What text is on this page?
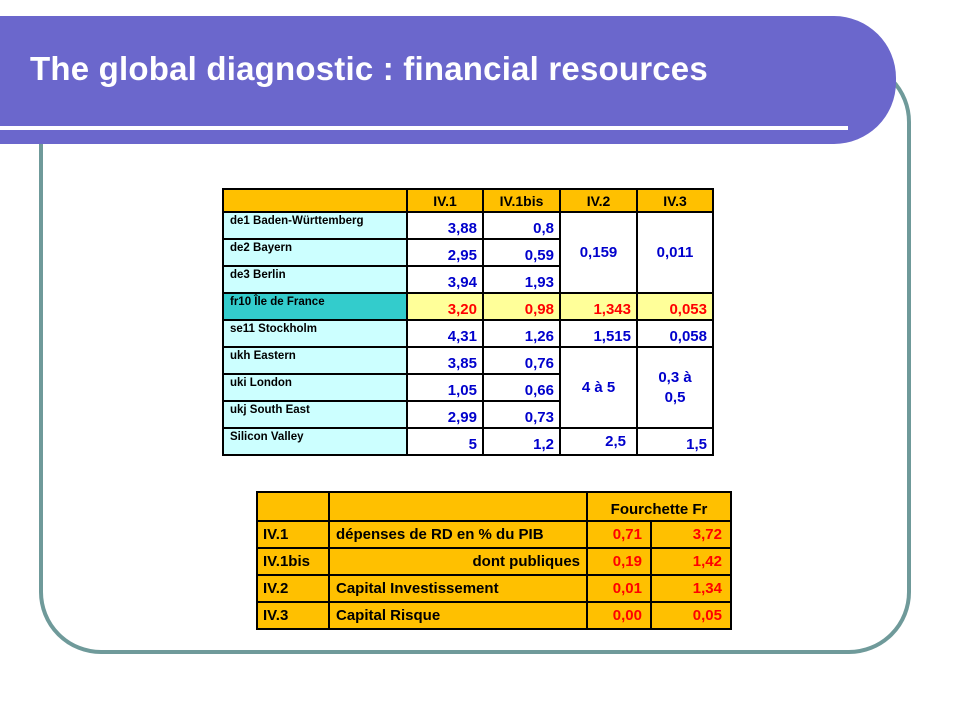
The global diagnostic : financial resources
	IV.1	IV.1bis	IV.2	IV.3
de1 Baden-Württemberg	3,88	0,8	0,159	0,011
de2 Bayern	2,95	0,59		
de3 Berlin	3,94	1,93		
fr10 Île de France	3,20	0,98	1,343	0,053
se11 Stockholm	4,31	1,26	1,515	0,058
ukh Eastern	3,85	0,76	4 à 5	0,3 à
0,5

uki London	1,05	0,66		
ukj South East	2,99	0,73		
Silicon Valley	5	1,2	2,5	1,5
		Fourchette Fr	
IV.1	dépenses de RD en % du PIB	0,71	3,72
IV.1bis	dont publiques	0,19	1,42
IV.2	Capital Investissement	0,01	1,34
IV.3	Capital Risque	0,00	0,05
